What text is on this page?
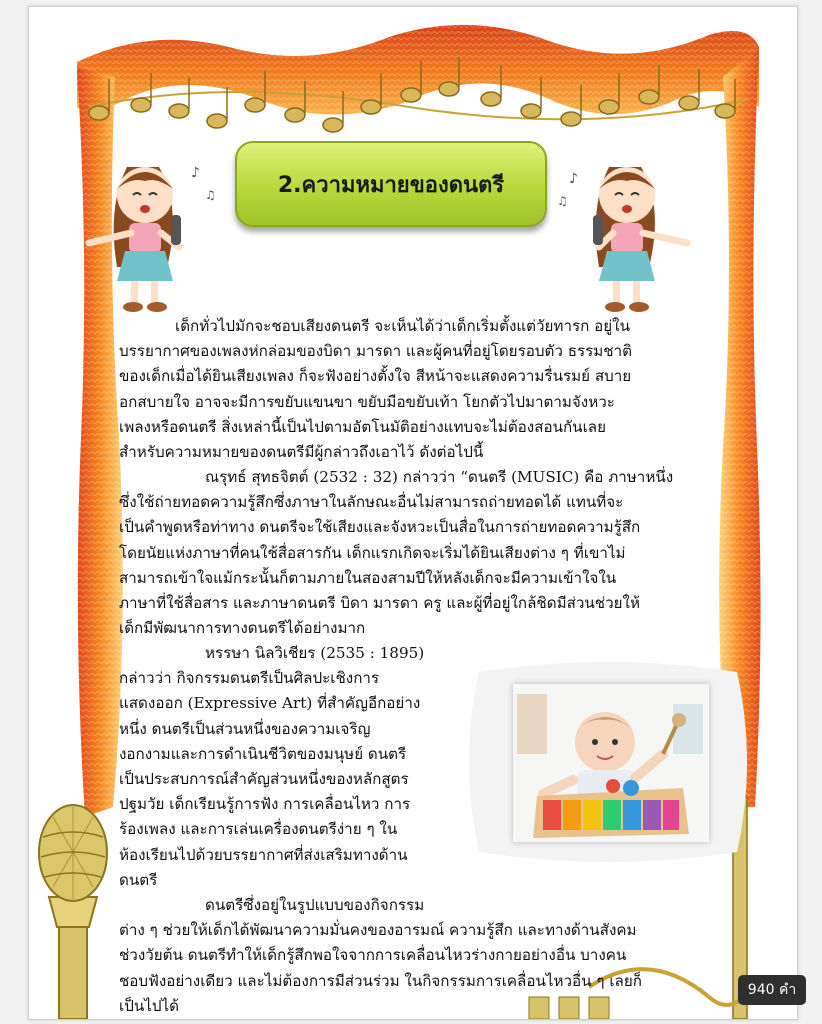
♪
♫
♪
♫
2.ความหมายของดนตรี
เด็กทั่วไปมักจะชอบเสียงดนตรี จะเห็นได้ว่าเด็กเริ่มตั้งแต่วัยทารก อยู่ใน
บรรยากาศของเพลงห่กล่อมของบิดา มารดา และผู้คนที่อยู่โดยรอบตัว ธรรมชาติ
ของเด็กเมื่อได้ยินเสียงเพลง ก็จะฟังอย่างตั้งใจ สีหน้าจะแสดงความรื่นรมย์ สบาย
อกสบายใจ อาจจะมีการขยับแขนขา ขยับมือขยับเท้า โยกตัวไปมาตามจังหวะ
เพลงหรือดนตรี สิ่งเหล่านี้เป็นไปตามอัตโนมัติอย่างแทบจะไม่ต้องสอนกันเลย
สำหรับความหมายของดนตรีมีผู้กล่าวถึงเอาไว้ ดังต่อไปนี้
ณรุทธ์ สุทธจิตต์ (2532 : 32) กล่าวว่า “ดนตรี (MUSIC) คือ ภาษาหนึ่ง
ซึ่งใช้ถ่ายทอดความรู้สึกซึ่งภาษาในลักษณะอื่นไม่สามารถถ่ายทอดได้ แทนที่จะ
เป็นคำพูดหรือท่าทาง ดนตรีจะใช้เสียงและจังหวะเป็นสื่อในการถ่ายทอดความรู้สึก
โดยนัยแห่งภาษาที่คนใช้สื่อสารกัน เด็กแรกเกิดจะเริ่มได้ยินเสียงต่าง ๆ ที่เขาไม่
สามารถเข้าใจแม้กระนั้นก็ตามภายในสองสามปีให้หลังเด็กจะมีความเข้าใจใน
ภาษาที่ใช้สื่อสาร และภาษาดนตรี บิดา มารดา ครู และผู้ที่อยู่ใกล้ชิดมีส่วนช่วยให้
เด็กมีพัฒนาการทางดนตรีได้อย่างมาก
หรรษา นิลวิเชียร (2535 : 1895)
กล่าวว่า กิจกรรมดนตรีเป็นศิลปะเชิงการ
แสดงออก (Expressive Art) ที่สำคัญอีกอย่าง
หนึ่ง ดนตรีเป็นส่วนหนึ่งของความเจริญ
งอกงามและการดำเนินชีวิตของมนุษย์ ดนตรี
เป็นประสบการณ์สำคัญส่วนหนึ่งของหลักสูตร
ปฐมวัย เด็กเรียนรู้การฟัง การเคลื่อนไหว การ
ร้องเพลง และการเล่นเครื่องดนตรีง่าย ๆ ใน
ห้องเรียนไปด้วยบรรยากาศที่ส่งเสริมทางด้าน
ดนตรี
ดนตรีซึ่งอยู่ในรูปแบบของกิจกรรม
ต่าง ๆ ช่วยให้เด็กได้พัฒนาความมั่นคงของอารมณ์ ความรู้สึก และทางด้านสังคม
ช่วงวัยต้น ดนตรีทำให้เด็กรู้สึกพอใจจากการเคลื่อนไหวร่างกายอย่างอื่น บางคน
ชอบฟังอย่างเดียว และไม่ต้องการมีส่วนร่วม ในกิจกรรมการเคลื่อนไหวอื่น ๆ เลยก็
เป็นไปได้
940 คำ
